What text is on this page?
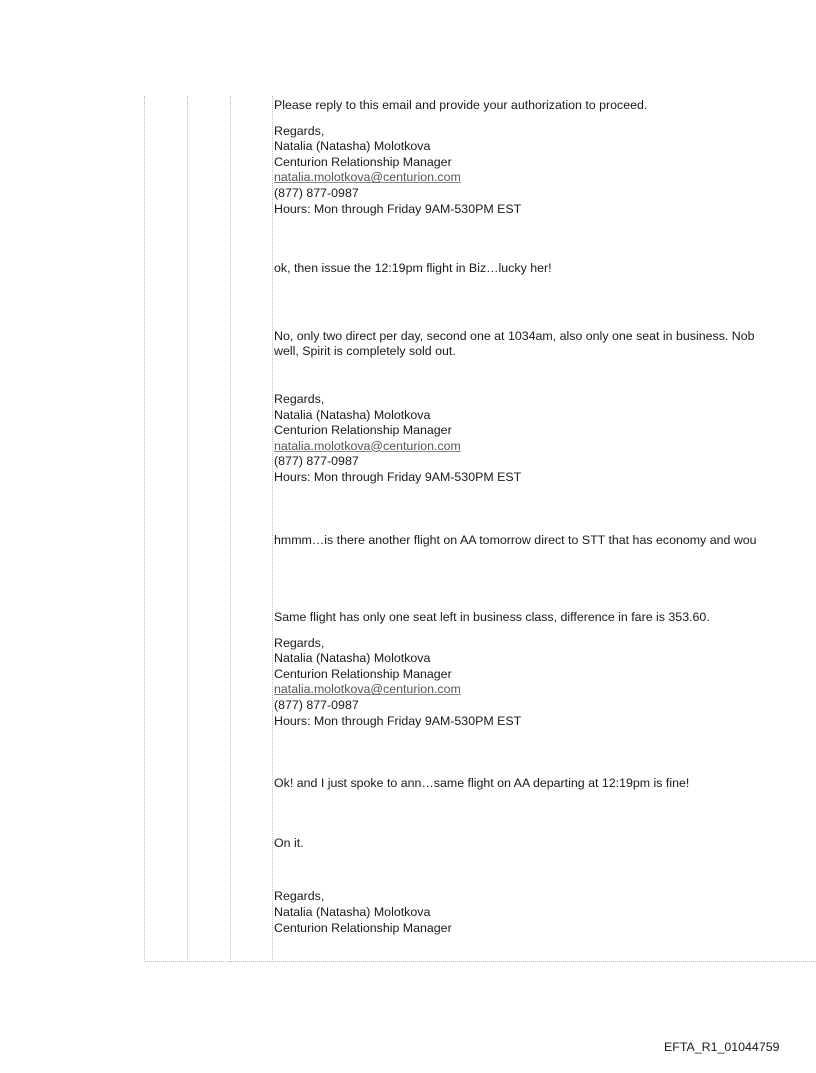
Please reply to this email and provide your authorization to proceed.
Regards,
Natalia (Natasha) Molotkova
Centurion Relationship Manager
natalia.molotkova@centurion.com
(877) 877-0987
Hours: Mon through Friday 9AM-530PM EST
ok, then issue the 12:19pm flight in Biz…lucky her!
No, only two direct per day, second one at 1034am, also only one seat in business. Nob
well, Spirit is completely sold out.
Regards,
Natalia (Natasha) Molotkova
Centurion Relationship Manager
natalia.molotkova@centurion.com
(877) 877-0987
Hours: Mon through Friday 9AM-530PM EST
hmmm…is there another flight on AA tomorrow direct to STT that has economy and wou
Same flight has only one seat left in business class, difference in fare is 353.60.
Regards,
Natalia (Natasha) Molotkova
Centurion Relationship Manager
natalia.molotkova@centurion.com
(877) 877-0987
Hours: Mon through Friday 9AM-530PM EST
Ok! and I just spoke to ann…same flight on AA departing at 12:19pm is fine!
On it.
Regards,
Natalia (Natasha) Molotkova
Centurion Relationship Manager
EFTA_R1_01044759
